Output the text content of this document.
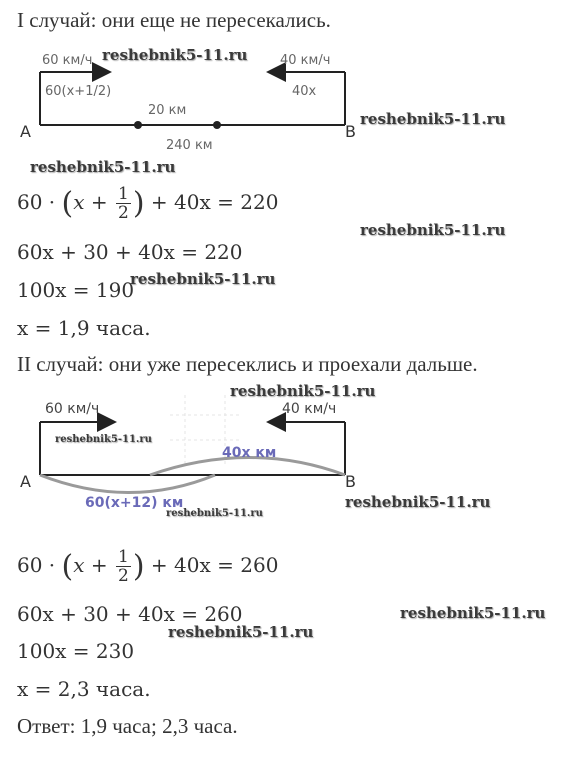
I случай: они еще не пересекались.
60 км/ч
60(x+1/2)
20 км
40 км/ч
40x
240 км
A	B
$60 \cdot (x + \frac{1}{2}$ ) + 40x = 220
60x + 30 + 40x = 220
100x = 190
x = 1,9 часа.
II случай: они уже пересеклись и проехали дальше.
60 км/ч	40 км/ч
40x км
60(x+12) км
A	B
$60 \cdot (x + \frac{1}{2}$ ) + 40x = 260
60x + 30 + 40x = 260
100x = 230
x = 2,3 часа.
Ответ: 1,9 часа; 2,3 часа.
reshebnik5-11.ru
reshebnik5-11.ru
reshebnik5-11.ru
reshebnik5-11.ru
reshebnik5-11.ru
reshebnik5-11.ru
reshebnik5-11.ru
reshebnik5-11.ru
reshebnik5-11.ru
reshebnik5-11.ru
reshebnik5-11.ru
